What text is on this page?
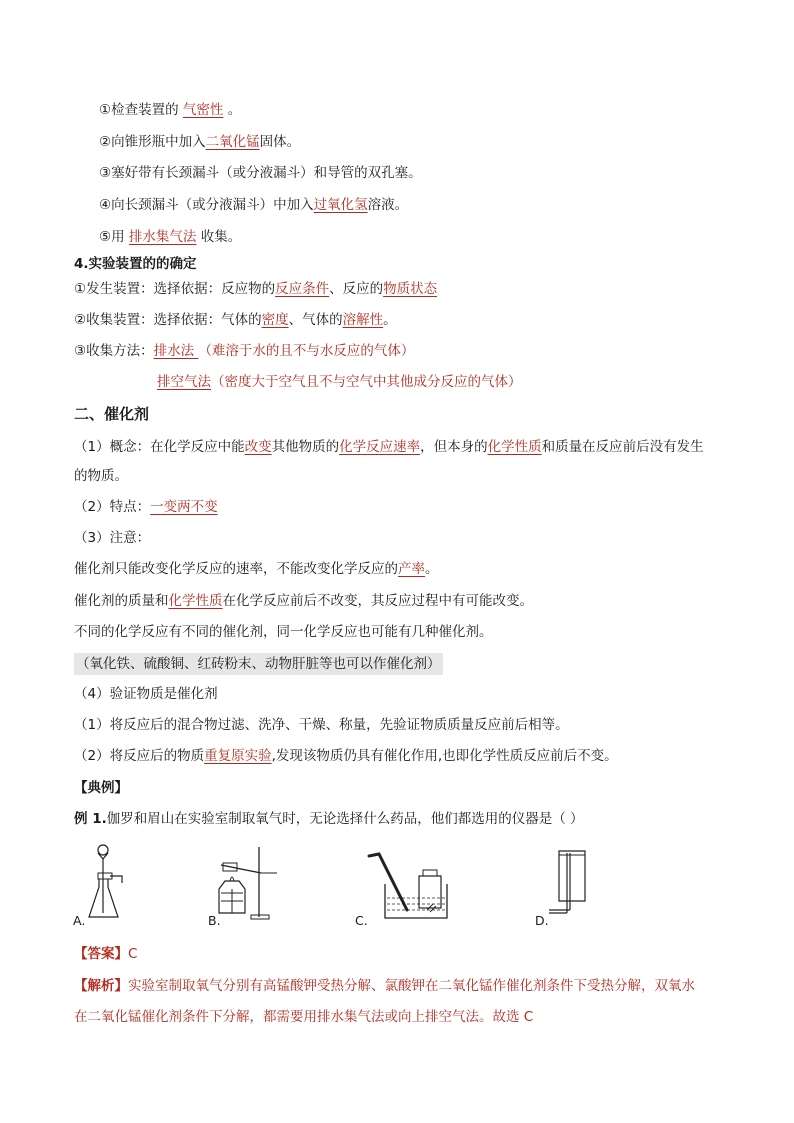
①检查装置的 气密性 。
②向锥形瓶中加入二氧化锰固体。
③塞好带有长颈漏斗（或分液漏斗）和导管的双孔塞。
④向长颈漏斗（或分液漏斗）中加入过氧化氢溶液。
⑤用 排水集气法 收集。
4.实验装置的的确定
①发生装置：选择依据：反应物的反应条件、反应的物质状态
②收集装置：选择依据：气体的密度、气体的溶解性。
③收集方法：排水法 （难溶于水的且不与水反应的气体）
排空气法（密度大于空气且不与空气中其他成分反应的气体）
二、催化剂
（1）概念：在化学反应中能改变其他物质的化学反应速率，但本身的化学性质和质量在反应前后没有发生
的物质。
（2）特点：一变两不变
（3）注意：
催化剂只能改变化学反应的速率，不能改变化学反应的产率。
催化剂的质量和化学性质在化学反应前后不改变，其反应过程中有可能改变。
不同的化学反应有不同的催化剂，同一化学反应也可能有几种催化剂。
（氧化铁、硫酸铜、红砖粉末、动物肝脏等也可以作催化剂）
（4）验证物质是催化剂
（1）将反应后的混合物过滤、洗净、干燥、称量，先验证物质质量反应前后相等。
（2）将反应后的物质重复原实验,发现该物质仍具有催化作用,也即化学性质反应前后不变。
【典例】
例 1.伽罗和眉山在实验室制取氧气时，无论选择什么药品，他们都选用的仪器是（ ）
A.	B.	C.	D.
【答案】C
【解析】实验室制取氧气分别有高锰酸钾受热分解、氯酸钾在二氧化锰作催化剂条件下受热分解，双氧水
在二氧化锰催化剂条件下分解，都需要用排水集气法或向上排空气法。故选 C
